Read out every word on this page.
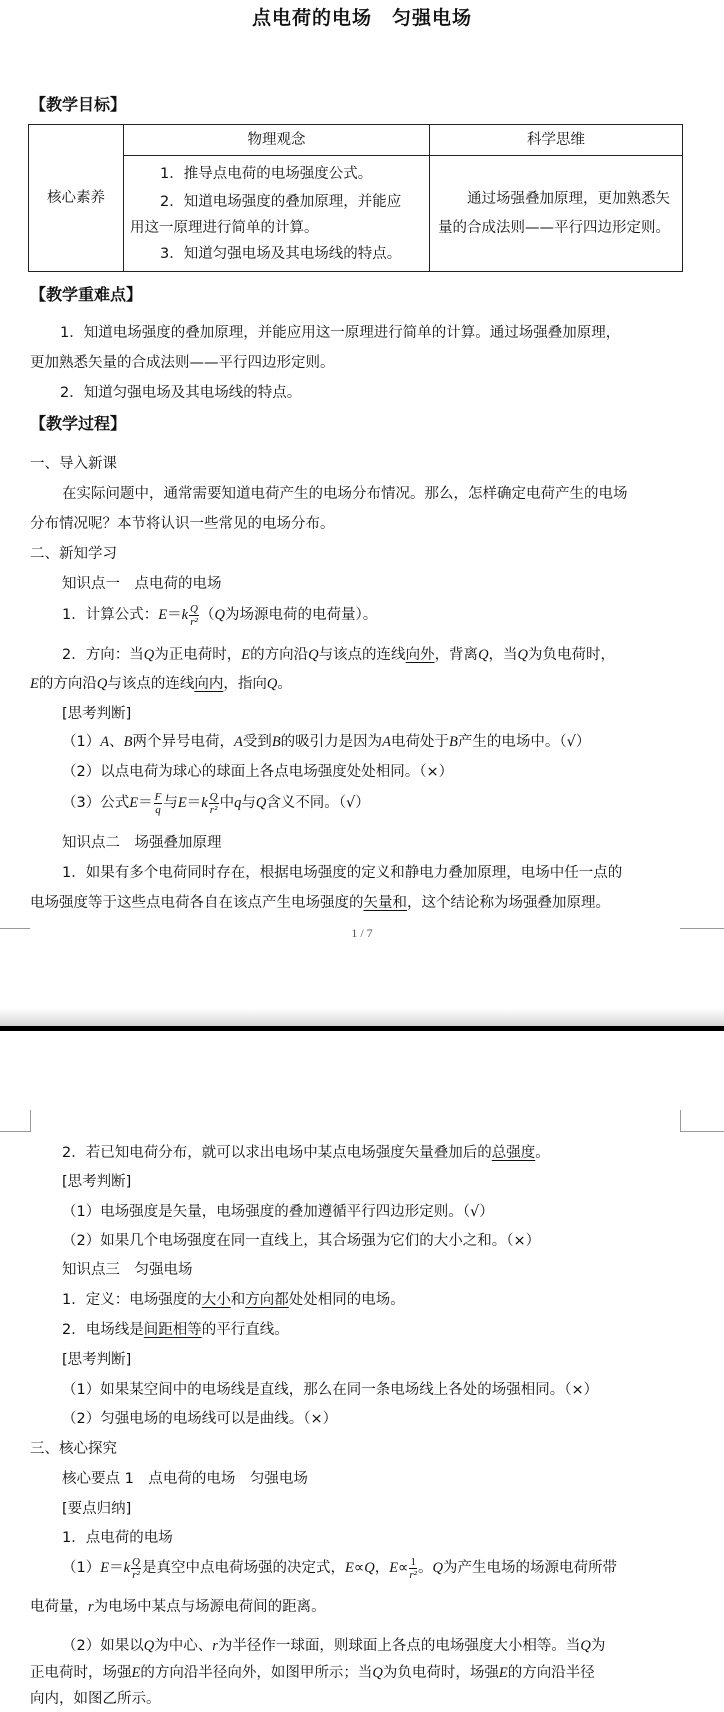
点电荷的电场　匀强电场
【教学目标】
核心素养	物理观念	科学思维

	1．推导点电荷的电场强度公式。
2．知道电场强度的叠加原理，并能应
用这一原理进行简单的计算。
3．知道匀强电场及其电场线的特点。	通过场强叠加原理，更加熟悉矢量的合成法则——平行四边形定则。
【教学重难点】
1．知道电场强度的叠加原理，并能应用这一原理进行简单的计算。通过场强叠加原理，
更加熟悉矢量的合成法则——平行四边形定则。
2．知道匀强电场及其电场线的特点。
【教学过程】
一、导入新课
在实际问题中，通常需要知道电荷产生的电场分布情况。那么，怎样确定电荷产生的电场
分布情况呢？本节将认识一些常见的电场分布。
二、新知学习
知识点一　点电荷的电场
1．计算公式：$E=k \frac{Q}{\text{r²}} (Q$为场源电荷的电荷量）。
2．方向：当Q为正电荷时，E的方向沿Q与该点的连线向外，背离Q，当Q为负电荷时，
E的方向沿Q与该点的连线向内，指向Q。
[思考判断]
（1）A、B两个异号电荷，A受到B的吸引力是因为A电荷处于B产生的电场中。（√）
（2）以点电荷为球心的球面上各点电场强度处处相同。（×）
（3）公式$E= \frac{F}{q}$ 与$E=k \frac{Q}{\text{r²}}$ 中q与Q含义不同。（√）
知识点二　场强叠加原理
1．如果有多个电荷同时存在，根据电场强度的定义和静电力叠加原理，电场中任一点的
电场强度等于这些点电荷各自在该点产生电场强度的矢量和，这个结论称为场强叠加原理。
1 / 7
2．若已知电荷分布，就可以求出电场中某点电场强度矢量叠加后的总强度。
[思考判断]
（1）电场强度是矢量，电场强度的叠加遵循平行四边形定则。（√）
（2）如果几个电场强度在同一直线上，其合场强为它们的大小之和。（×）
知识点三　匀强电场
1．定义：电场强度的大小和方向都处处相同的电场。
2．电场线是间距相等的平行直线。
[思考判断]
（1）如果某空间中的电场线是直线，那么在同一条电场线上各处的场强相同。（×）
（2）匀强电场的电场线可以是曲线。（×）
三、核心探究
核心要点 1　点电荷的电场　匀强电场
[要点归纳]
1．点电荷的电场
$(1)E=k \frac{Q}{\text{r²}}$ 是真空中点电荷场强的决定式，E∝Q，$E\propto \frac{1}{\text{r²}}$ 。Q为产生电场的场源电荷所带
电荷量，r为电场中某点与场源电荷间的距离。
（2）如果以Q为中心、r为半径作一球面，则球面上各点的电场强度大小相等。当Q为
正电荷时，场强E的方向沿半径向外，如图甲所示；当Q为负电荷时，场强E的方向沿半径
向内，如图乙所示。
